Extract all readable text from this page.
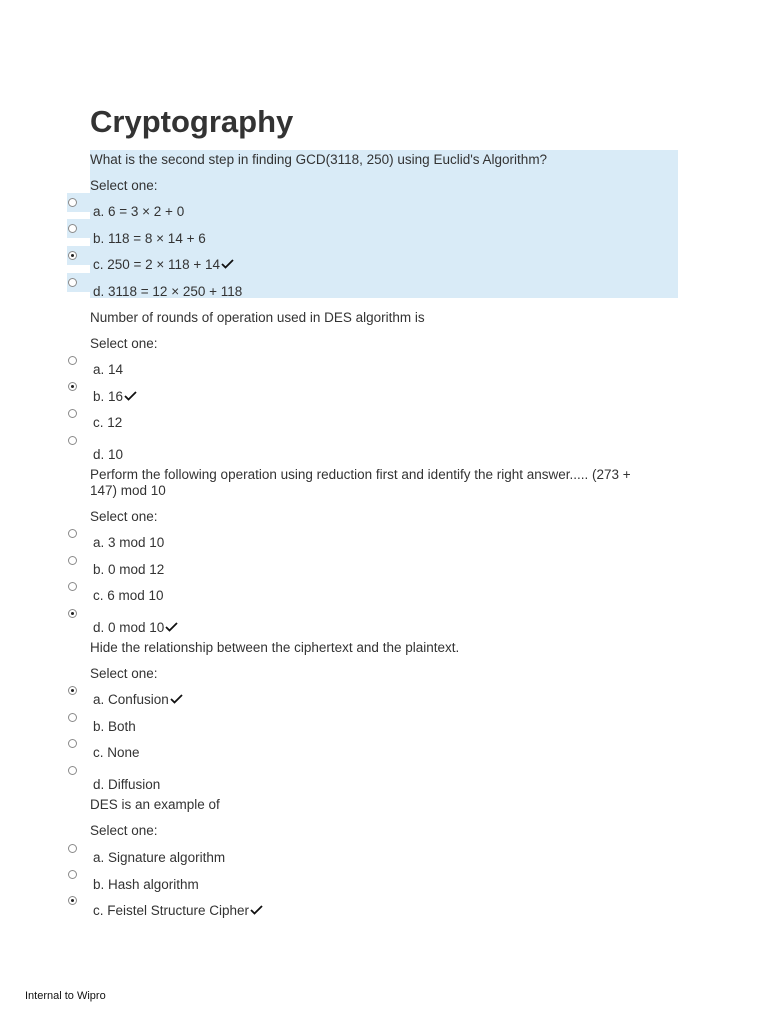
Cryptography
What is the second step in finding GCD(3118, 250) using Euclid's Algorithm?
Select one:
a. 6 = 3 × 2 + 0
b. 118 = 8 × 14 + 6
c. 250 = 2 × 118 + 14
d. 3118 = 12 × 250 + 118
Number of rounds of operation used in DES algorithm is
Select one:
a. 14
b. 16
c. 12
d. 10
Perform the following operation using reduction first and identify the right answer..... (273 + 147) mod 10
Select one:
a. 3 mod 10
b. 0 mod 12
c. 6 mod 10
d. 0 mod 10
Hide the relationship between the ciphertext and the plaintext.
Select one:
a. Confusion
b. Both
c. None
d. Diffusion
DES is an example of
Select one:
a. Signature algorithm
b. Hash algorithm
c. Feistel Structure Cipher
Internal to Wipro
